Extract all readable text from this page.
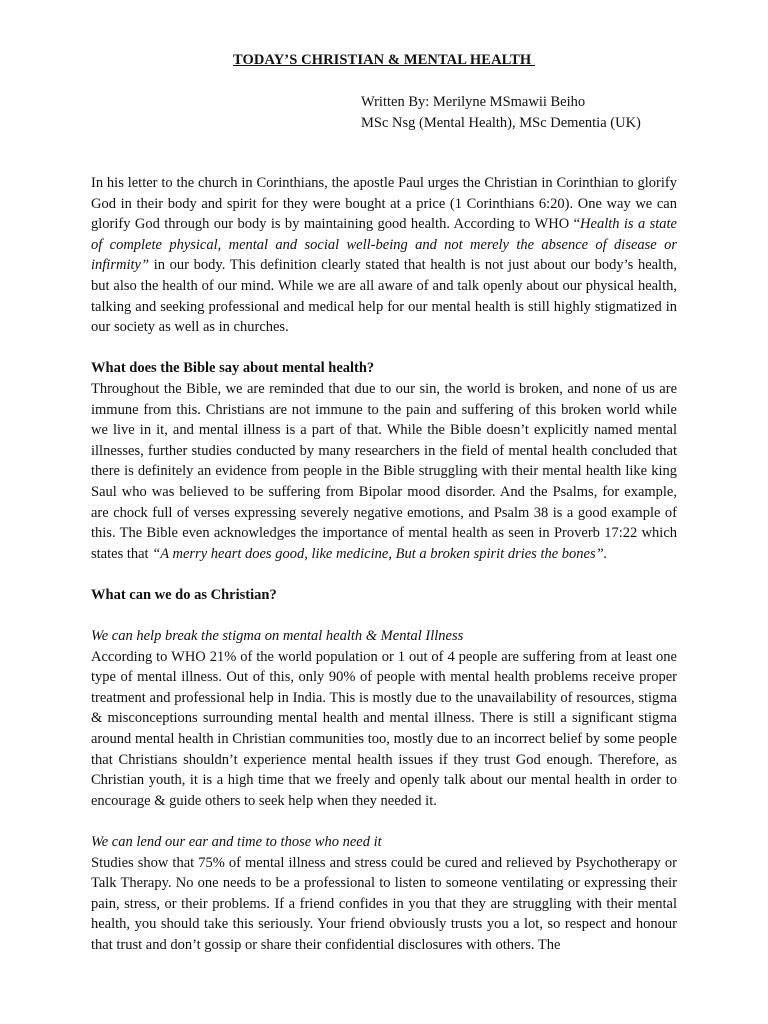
TODAY’S CHRISTIAN & MENTAL HEALTH
Written By: Merilyne MSmawii Beiho
MSc Nsg (Mental Health), MSc Dementia (UK)

In his letter to the church in Corinthians, the apostle Paul urges the Christian in Corinthian to glorify God in their body and spirit for they were bought at a price (1 Corinthians 6:20). One way we can glorify God through our body is by maintaining good health. According to WHO “Health is a state of complete physical, mental and social well-being and not merely the absence of disease or infirmity” in our body. This definition clearly stated that health is not just about our body’s health, but also the health of our mind. While we are all aware of and talk openly about our physical health, talking and seeking professional and medical help for our mental health is still highly stigmatized in our society as well as in churches.

What does the Bible say about mental health?

Throughout the Bible, we are reminded that due to our sin, the world is broken, and none of us are immune from this. Christians are not immune to the pain and suffering of this broken world while we live in it, and mental illness is a part of that. While the Bible doesn’t explicitly named mental illnesses, further studies conducted by many researchers in the field of mental health concluded that there is definitely an evidence from people in the Bible struggling with their mental health like king Saul who was believed to be suffering from Bipolar mood disorder. And the Psalms, for example, are chock full of verses expressing severely negative emotions, and Psalm 38 is a good example of this. The Bible even acknowledges the importance of mental health as seen in Proverb 17:22 which states that “A merry heart does good, like medicine, But a broken spirit dries the bones”.

What can we do as Christian?

We can help break the stigma on mental health & Mental Illness

According to WHO 21% of the world population or 1 out of 4 people are suffering from at least one type of mental illness. Out of this, only 90% of people with mental health problems receive proper treatment and professional help in India. This is mostly due to the unavailability of resources, stigma & misconceptions surrounding mental health and mental illness. There is still a significant stigma around mental health in Christian communities too, mostly due to an incorrect belief by some people that Christians shouldn’t experience mental health issues if they trust God enough. Therefore, as Christian youth, it is a high time that we freely and openly talk about our mental health in order to encourage & guide others to seek help when they needed it.

We can lend our ear and time to those who need it

Studies show that 75% of mental illness and stress could be cured and relieved by Psychotherapy or Talk Therapy. No one needs to be a professional to listen to someone ventilating or expressing their pain, stress, or their problems. If a friend confides in you that they are struggling with their mental health, you should take this seriously. Your friend obviously trusts you a lot, so respect and honour that trust and don’t gossip or share their confidential disclosures with others. The
